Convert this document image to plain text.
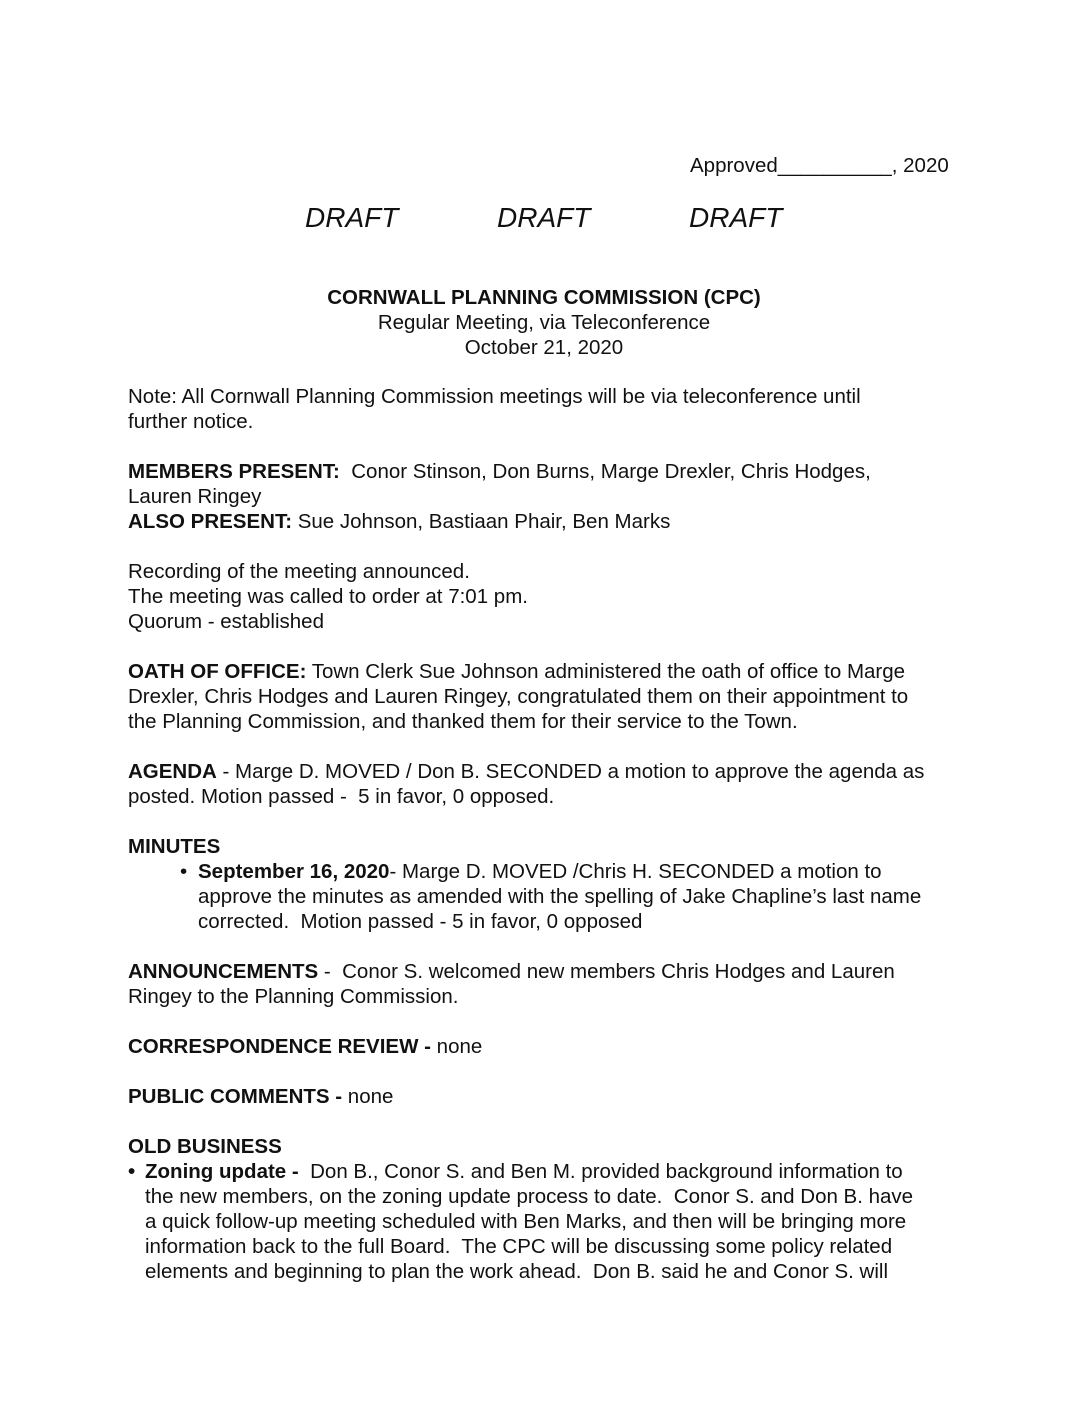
Approved__________, 2020
DRAFT	DRAFT	DRAFT
CORNWALL PLANNING COMMISSION (CPC)
Regular Meeting, via Teleconference
October 21, 2020

Note: All Cornwall Planning Commission meetings will be via teleconference until
further notice.

MEMBERS PRESENT:  Conor Stinson, Don Burns, Marge Drexler, Chris Hodges,
Lauren Ringey
ALSO PRESENT: Sue Johnson, Bastiaan Phair, Ben Marks

Recording of the meeting announced.
The meeting was called to order at 7:01 pm.
Quorum - established

OATH OF OFFICE: Town Clerk Sue Johnson administered the oath of office to Marge
Drexler, Chris Hodges and Lauren Ringey, congratulated them on their appointment to
the Planning Commission, and thanked them for their service to the Town.

AGENDA - Marge D. MOVED / Don B. SECONDED a motion to approve the agenda as
posted. Motion passed -  5 in favor, 0 opposed.

MINUTES
• September 16, 2020- Marge D. MOVED /Chris H. SECONDED a motion to
approve the minutes as amended with the spelling of Jake Chapline’s last name
corrected.  Motion passed - 5 in favor, 0 opposed

ANNOUNCEMENTS -  Conor S. welcomed new members Chris Hodges and Lauren
Ringey to the Planning Commission.

CORRESPONDENCE REVIEW - none

PUBLIC COMMENTS - none

OLD BUSINESS
• Zoning update -  Don B., Conor S. and Ben M. provided background information to
the new members, on the zoning update process to date.  Conor S. and Don B. have
a quick follow-up meeting scheduled with Ben Marks, and then will be bringing more
information back to the full Board.  The CPC will be discussing some policy related
elements and beginning to plan the work ahead.  Don B. said he and Conor S. will
